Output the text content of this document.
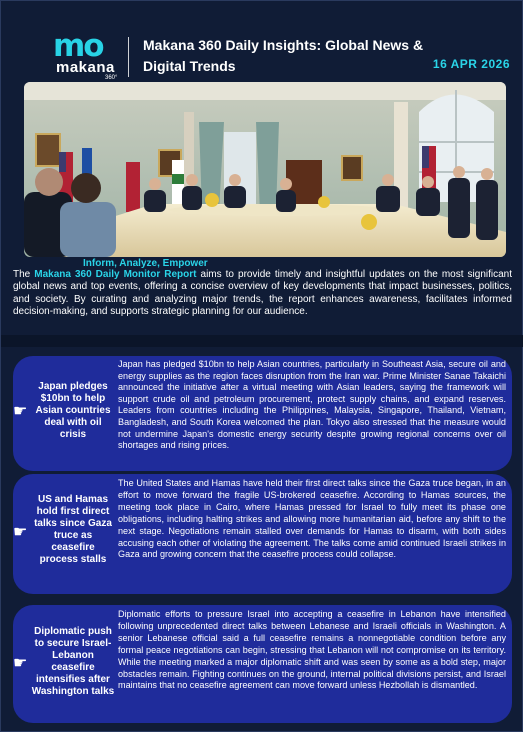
mo
makana
360°
Makana 360 Daily Insights: Global News & Digital Trends	16 APR 2026
Inform, Analyze, Empower
The Makana 360 Daily Monitor Report aims to provide timely and insightful updates on the most significant global news and top events, offering a concise overview of key developments that impact businesses, politics, and society. By curating and analyzing major trends, the report enhances awareness, facilitates informed decision-making, and supports strategic planning for our audience.
☛
Japan pledges $10bn to help Asian countries deal with oil crisis
Japan has pledged $10bn to help Asian countries, particularly in Southeast Asia, secure oil and energy supplies as the region faces disruption from the Iran war. Prime Minister Sanae Takaichi announced the initiative after a virtual meeting with Asian leaders, saying the framework will support crude oil and petroleum procurement, protect supply chains, and expand reserves. Leaders from countries including the Philippines, Malaysia, Singapore, Thailand, Vietnam, Bangladesh, and South Korea welcomed the plan. Tokyo also stressed that the measure would not undermine Japan's domestic energy security despite growing regional concerns over oil shortages and rising prices.
☛
US and Hamas hold first direct talks since Gaza truce as ceasefire process stalls
The United States and Hamas have held their first direct talks since the Gaza truce began, in an effort to move forward the fragile US-brokered ceasefire. According to Hamas sources, the meeting took place in Cairo, where Hamas pressed for Israel to fully meet its phase one obligations, including halting strikes and allowing more humanitarian aid, before any shift to the next stage. Negotiations remain stalled over demands for Hamas to disarm, with both sides accusing each other of violating the agreement. The talks come amid continued Israeli strikes in Gaza and growing concern that the ceasefire process could collapse.
☛
Diplomatic push to secure Israel-Lebanon ceasefire intensifies after Washington talks
Diplomatic efforts to pressure Israel into accepting a ceasefire in Lebanon have intensified following unprecedented direct talks between Lebanese and Israeli officials in Washington. A senior Lebanese official said a full ceasefire remains a nonnegotiable condition before any formal peace negotiations can begin, stressing that Lebanon will not compromise on its territory. While the meeting marked a major diplomatic shift and was seen by some as a bold step, major obstacles remain. Fighting continues on the ground, internal political divisions persist, and Israel maintains that no ceasefire agreement can move forward unless Hezbollah is dismantled.
